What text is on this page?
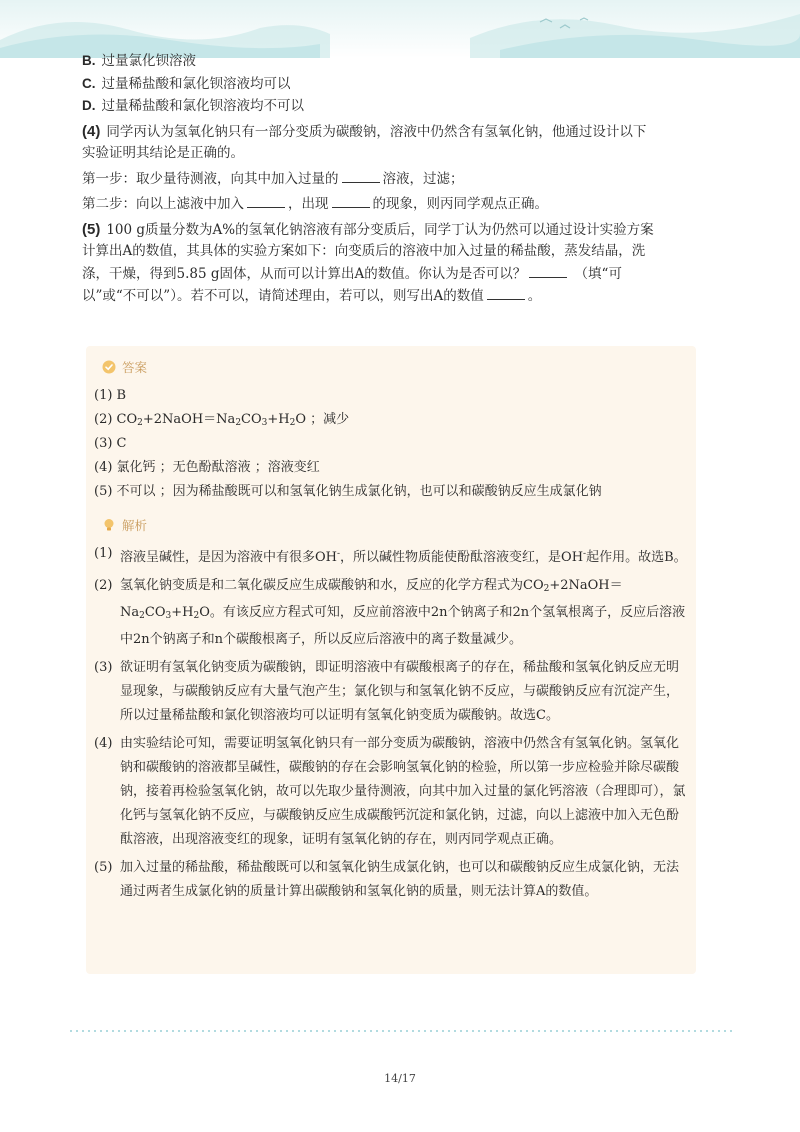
B. 过量氯化钡溶液
C. 过量稀盐酸和氯化钡溶液均可以
D. 过量稀盐酸和氯化钡溶液均不可以
(4) 同学丙认为氢氧化钠只有一部分变质为碳酸钠，溶液中仍然含有氢氧化钠，他通过设计以下
实验证明其结论是正确的。
第一步：取少量待测液，向其中加入过量的	溶液，过滤；
第二步：向以上滤液中加入	，出现	的现象，则丙同学观点正确。
(5) 100 g质量分数为A%的氢氧化钠溶液有部分变质后，同学丁认为仍然可以通过设计实验方案
计算出A的数值，其具体的实验方案如下：向变质后的溶液中加入过量的稀盐酸，蒸发结晶，洗
涤，干燥，得到5.85 g固体，从而可以计算出A的数值。你认为是否可以？	（填“可
以”或“不可以”）。若不可以，请简述理由，若可以，则写出A的数值	。
答案
(1) B
(2) $CO_2+2NaOH=Na_2CO_3+H_2O$ ；减少
(3) C
(4) 氯化钙 ；无色酚酞溶液 ；溶液变红
(5) 不可以 ；因为稀盐酸既可以和氢氧化钠生成氯化钠，也可以和碳酸钠反应生成氯化钠
解析
(1) 溶液呈碱性，是因为溶液中有很多OH-，所以碱性物质能使酚酞溶液变红，是OH-起作用。故选B。
(2) 氢氧化钠变质是和二氧化碳反应生成碳酸钠和水，反应的化学方程式为$CO_2+2NaOH=Na_2CO_3+H_2O$。有该反应方程式可知，反应前溶液中2n个钠离子和2n个氢氧根离子，反应后溶液中2n个钠离子和n个碳酸根离子，所以反应后溶液中的离子数量减少。
(3) 欲证明有氢氧化钠变质为碳酸钠，即证明溶液中有碳酸根离子的存在，稀盐酸和氢氧化钠反应无明显现象，与碳酸钠反应有大量气泡产生；氯化钡与和氢氧化钠不反应，与碳酸钠反应有沉淀产生，所以过量稀盐酸和氯化钡溶液均可以证明有氢氧化钠变质为碳酸钠。故选C。
(4) 由实验结论可知，需要证明氢氧化钠只有一部分变质为碳酸钠，溶液中仍然含有氢氧化钠。氢氧化钠和碳酸钠的溶液都呈碱性，碳酸钠的存在会影响氢氧化钠的检验，所以第一步应检验并除尽碳酸钠，接着再检验氢氧化钠，故可以先取少量待测液，向其中加入过量的氯化钙溶液（合理即可），氯化钙与氢氧化钠不反应，与碳酸钠反应生成碳酸钙沉淀和氯化钠，过滤，向以上滤液中加入无色酚酞溶液，出现溶液变红的现象，证明有氢氧化钠的存在，则丙同学观点正确。
(5) 加入过量的稀盐酸，稀盐酸既可以和氢氧化钠生成氯化钠，也可以和碳酸钠反应生成氯化钠，无法通过两者生成氯化钠的质量计算出碳酸钠和氢氧化钠的质量，则无法计算A的数值。
14/17
